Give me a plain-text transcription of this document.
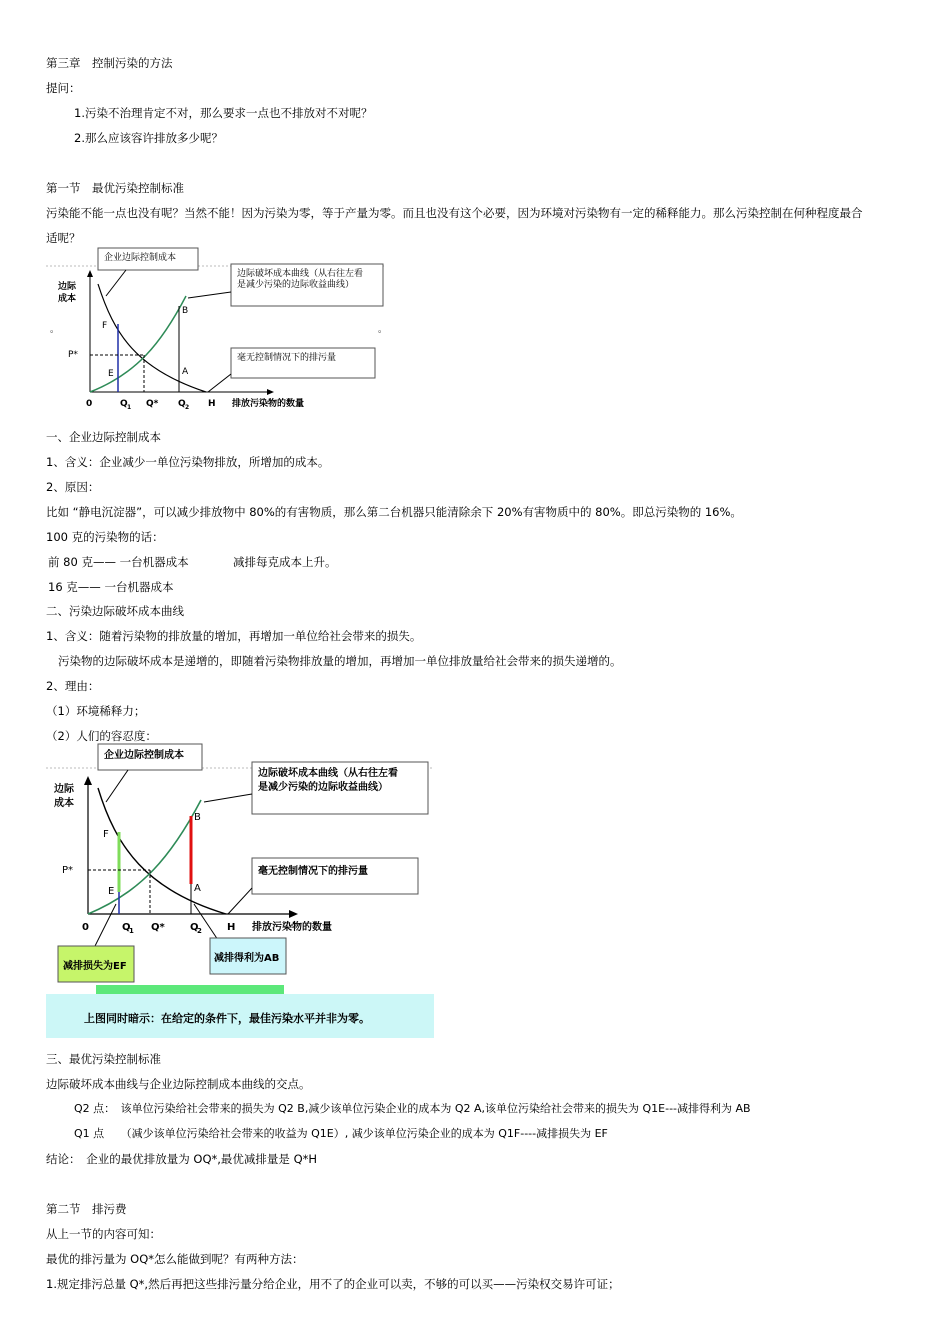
第三章　控制污染的方法
提问：
1.污染不治理肯定不对，那么要求一点也不排放对不对呢？
2.那么应该容许排放多少呢？
第一节　最优污染控制标准
污染能不能一点也没有呢？当然不能！因为污染为零，等于产量为零。而且也没有这个必要，因为环境对污染物有一定的稀释能力。那么污染控制在何种程度最合
适呢？
企业边际控制成本
边际破坏成本曲线（从右往左看
是减少污染的边际收益曲线）
毫无控制情况下的排污量
边际
成本
F
E
B
A
P*
0	Q 1 Q* Q 2 H 排放污染物的数量
。	。
一、企业边际控制成本
1、含义：企业减少一单位污染物排放，所增加的成本。
2、原因：
比如 “静电沉淀器”，可以减少排放物中 80%的有害物质，那么第二台机器只能清除余下 20%有害物质中的 80%。即总污染物的 16%。
100 克的污染物的话：
前 80 克—— 一台机器成本	减排每克成本上升。
16 克—— 一台机器成本
二、污染边际破坏成本曲线
1、含义：随着污染物的排放量的增加，再增加一单位给社会带来的损失。
污染物的边际破坏成本是递增的，即随着污染物排放量的增加，再增加一单位排放量给社会带来的损失递增的。
2、理由：
（1）环境稀释力；
（2）人们的容忍度：
企业边际控制成本
边际破坏成本曲线（从右往左看
是减少污染的边际收益曲线）
毫无控制情况下的排污量
边际
成本
F
E
B
A
P*
0	Q
1 Q*	Q
2	H 排放污染物的数量
减排损失为EF
减排得利为AB
上图同时暗示：在给定的条件下，最佳污染水平并非为零。
三、最优污染控制标准
边际破坏成本曲线与企业边际控制成本曲线的交点。
Q2 点：　该单位污染给社会带来的损失为 Q2 B,减少该单位污染企业的成本为 Q2 A,该单位污染给社会带来的损失为 Q1E---减排得利为 AB
Q1 点　　（减少该单位污染给社会带来的收益为 Q1E）, 减少该单位污染企业的成本为 Q1F----减排损失为 EF
结论：　企业的最优排放量为 OQ*,最优减排量是 Q*H
第二节　排污费
从上一节的内容可知：
最优的排污量为 OQ*怎么能做到呢？有两种方法：
1.规定排污总量 Q*,然后再把这些排污量分给企业，用不了的企业可以卖，不够的可以买——污染权交易许可证；
